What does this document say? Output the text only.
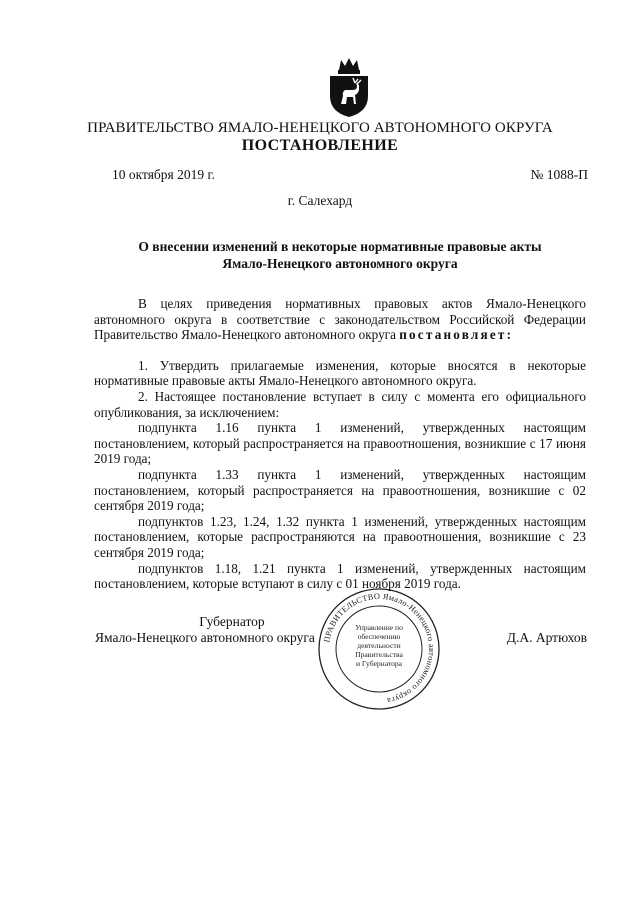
ПРАВИТЕЛЬСТВО ЯМАЛО-НЕНЕЦКОГО АВТОНОМНОГО ОКРУГА
ПОСТАНОВЛЕНИЕ
10 октября 2019 г.	№ 1088-П
г. Салехард
О внесении изменений в некоторые нормативные правовые акты
Ямало-Ненецкого автономного округа

В целях приведения нормативных правовых актов Ямало-Ненецкого автономного округа в соответствие с законодательством Российской Федерации Правительство Ямало-Ненецкого автономного округа постановляет:

1. Утвердить прилагаемые изменения, которые вносятся в некоторые нормативные правовые акты Ямало-Ненецкого автономного округа.

2. Настоящее постановление вступает в силу с момента его официального опубликования, за исключением:

подпункта 1.16 пункта 1 изменений, утвержденных настоящим постановлением, который распространяется на правоотношения, возникшие с 17 июня 2019 года;

подпункта 1.33 пункта 1 изменений, утвержденных настоящим постановлением, который распространяется на правоотношения, возникшие с 02 сентября 2019 года;

подпунктов 1.23, 1.24, 1.32 пункта 1 изменений, утвержденных настоящим постановлением, которые распространяются на правоотношения, возникшие с 23 сентября 2019 года;

подпунктов 1.18, 1.21 пункта 1 изменений, утвержденных настоящим постановлением, которые вступают в силу с 01 ноября 2019 года.

Губернатор
Ямало-Ненецкого автономного округа	Д.А. Артюхов
ПРАВИТЕЛЬСТВО Ямало-Ненецкого автономного округа
Управление по
обеспечению
деятельности
Правительства
и Губернатора
